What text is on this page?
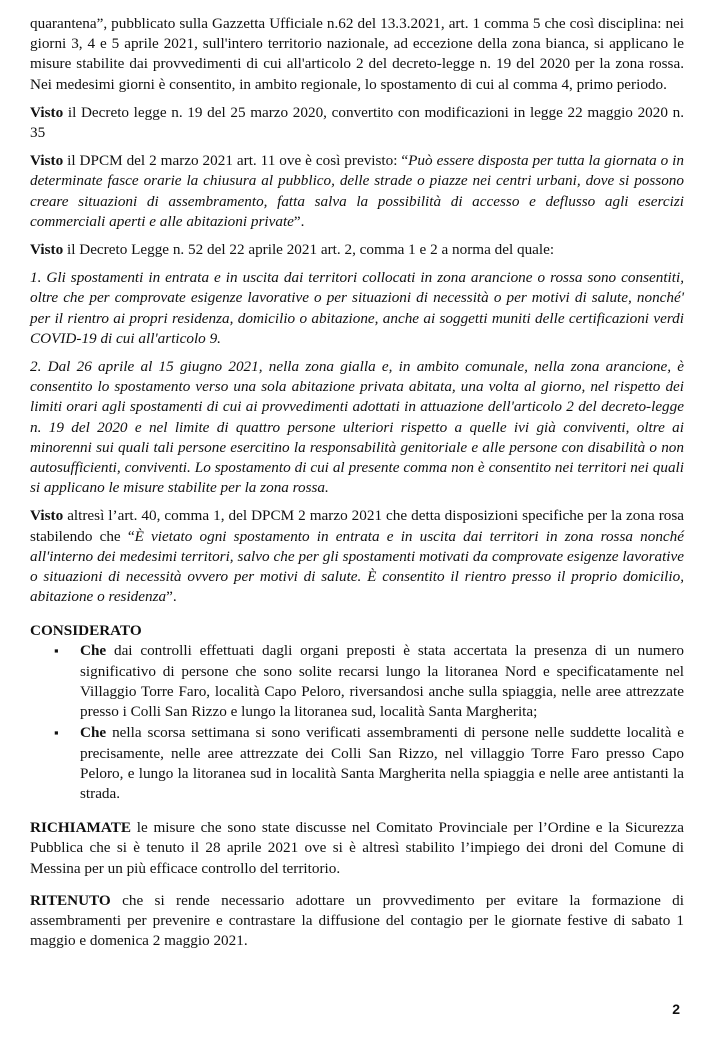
quarantena”, pubblicato sulla Gazzetta Ufficiale n.62 del 13.3.2021, art. 1 comma 5 che così disciplina: nei giorni 3, 4 e 5 aprile 2021, sull'intero territorio nazionale, ad eccezione della zona bianca, si applicano le misure stabilite dai provvedimenti di cui all'articolo 2 del decreto-legge n. 19 del 2020 per la zona rossa. Nei medesimi giorni è consentito, in ambito regionale, lo spostamento di cui al comma 4, primo periodo.

Visto il Decreto legge n. 19 del 25 marzo 2020, convertito con modificazioni in legge 22 maggio 2020 n. 35

Visto il DPCM del 2 marzo 2021 art. 11 ove è così previsto: “Può essere disposta per tutta la giornata o in determinate fasce orarie la chiusura al pubblico, delle strade o piazze nei centri urbani, dove si possono creare situazioni di assembramento, fatta salva la possibilità di accesso e deflusso agli esercizi commerciali aperti e alle abitazioni private”.

Visto il Decreto Legge n. 52 del 22 aprile 2021 art. 2, comma 1 e 2 a norma del quale:

1. Gli spostamenti in entrata e in uscita dai territori collocati in zona arancione o rossa sono consentiti, oltre che per comprovate esigenze lavorative o per situazioni di necessità o per motivi di salute, nonché' per il rientro ai propri residenza, domicilio o abitazione, anche ai soggetti muniti delle certificazioni verdi COVID-19 di cui all'articolo 9.

2. Dal 26 aprile al 15 giugno 2021, nella zona gialla e, in ambito comunale, nella zona arancione, è consentito lo spostamento verso una sola abitazione privata abitata, una volta al giorno, nel rispetto dei limiti orari agli spostamenti di cui ai provvedimenti adottati in attuazione dell'articolo 2 del decreto-legge n. 19 del 2020 e nel limite di quattro persone ulteriori rispetto a quelle ivi già conviventi, oltre ai minorenni sui quali tali persone esercitino la responsabilità genitoriale e alle persone con disabilità o non autosufficienti, conviventi. Lo spostamento di cui al presente comma non è consentito nei territori nei quali si applicano le misure stabilite per la zona rossa.

Visto altresì l’art. 40, comma 1, del DPCM 2 marzo 2021 che detta disposizioni specifiche per la zona rosa stabilendo che “È vietato ogni spostamento in entrata e in uscita dai territori in zona rossa nonché all'interno dei medesimi territori, salvo che per gli spostamenti motivati da comprovate esigenze lavorative o situazioni di necessità ovvero per motivi di salute. È consentito il rientro presso il proprio domicilio, abitazione o residenza”.

CONSIDERATO
▪ Che dai controlli effettuati dagli organi preposti è stata accertata la presenza di un numero significativo di persone che sono solite recarsi lungo la litoranea Nord e specificatamente nel Villaggio Torre Faro, località Capo Peloro, riversandosi anche sulla spiaggia, nelle aree attrezzate presso i Colli San Rizzo e lungo la litoranea sud, località Santa Margherita;
▪ Che nella scorsa settimana si sono verificati assembramenti di persone nelle suddette località e precisamente, nelle aree attrezzate dei Colli San Rizzo, nel villaggio Torre Faro presso Capo Peloro, e lungo la litoranea sud in località Santa Margherita nella spiaggia e nelle aree antistanti la strada.

RICHIAMATE le misure che sono state discusse nel Comitato Provinciale per l’Ordine e la Sicurezza Pubblica che si è tenuto il 28 aprile 2021 ove si è altresì stabilito l’impiego dei droni del Comune di Messina per un più efficace controllo del territorio.

RITENUTO che si rende necessario adottare un provvedimento per evitare la formazione di assembramenti per prevenire e contrastare la diffusione del contagio per le giornate festive di sabato 1 maggio e domenica 2 maggio 2021.

2
